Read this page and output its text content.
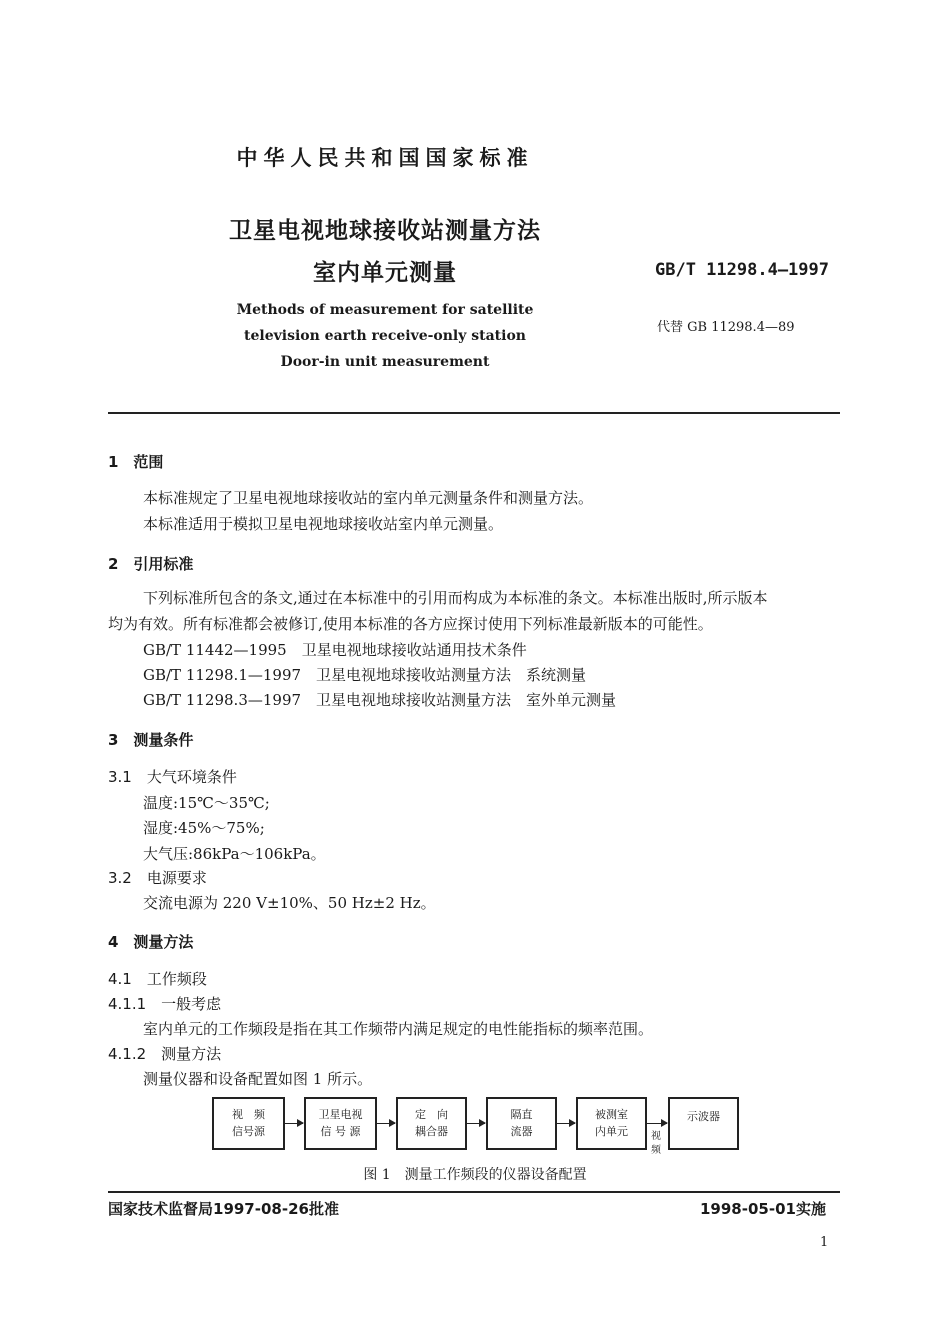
中华人民共和国国家标准
卫星电视地球接收站测量方法
室内单元测量	GB/T 11298.4—1997
Methods of measurement for satellite
television earth receive-only station
Door-in unit measurement
代替 GB 11298.4—89
1　范围
本标准规定了卫星电视地球接收站的室内单元测量条件和测量方法。
本标准适用于模拟卫星电视地球接收站室内单元测量。
2　引用标准
下列标准所包含的条文,通过在本标准中的引用而构成为本标准的条文。本标准出版时,所示版本
均为有效。所有标准都会被修订,使用本标准的各方应探讨使用下列标准最新版本的可能性。
GB/T 11442—1995　卫星电视地球接收站通用技术条件
GB/T 11298.1—1997　卫星电视地球接收站测量方法　系统测量
GB/T 11298.3—1997　卫星电视地球接收站测量方法　室外单元测量
3　测量条件
3.1　大气环境条件
温度:15℃～35℃;
湿度:45%～75%;
大气压:86kPa～106kPa。
3.2　电源要求
交流电源为 220 V±10%、50 Hz±2 Hz。
4　测量方法
4.1　工作频段
4.1.1　一般考虑
室内单元的工作频段是指在其工作频带内满足规定的电性能指标的频率范围。
4.1.2　测量方法
测量仪器和设备配置如图 1 所示。
视　频
信号源
卫星电视
信 号 源
定　向
耦合器
隔直
流器
被测室
内单元 视
频
示波器
图 1　测量工作频段的仪器设备配置
国家技术监督局1997-08-26批准	1998-05-01实施
1
